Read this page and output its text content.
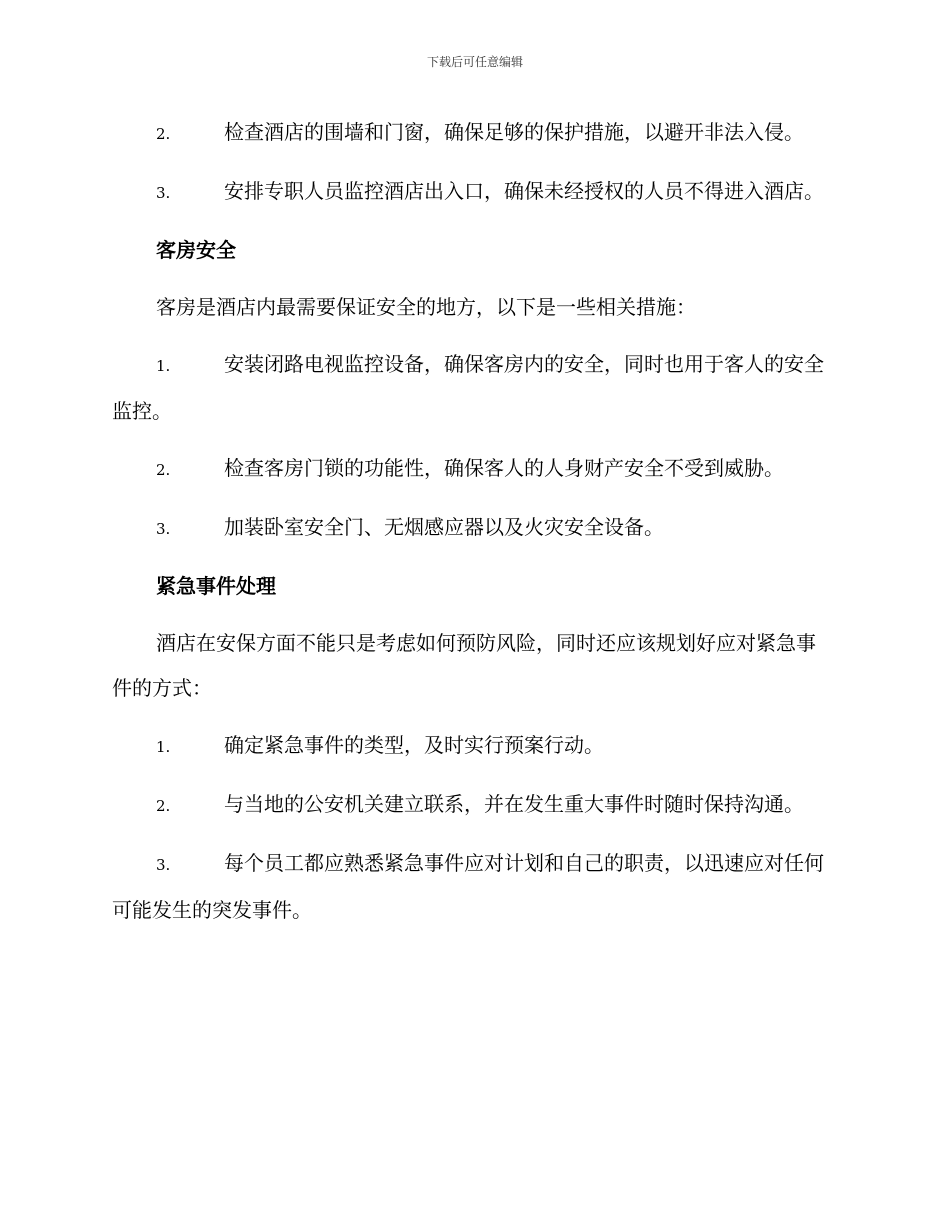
下载后可任意编辑

2.	检查酒店的围墙和门窗，确保足够的保护措施，以避开非法入侵。

3.	安排专职人员监控酒店出入口，确保未经授权的人员不得进入酒店。

客房安全

客房是酒店内最需要保证安全的地方，以下是一些相关措施：

1.	安装闭路电视监控设备，确保客房内的安全，同时也用于客人的安全监控。

2.	检查客房门锁的功能性，确保客人的人身财产安全不受到威胁。

3.	加装卧室安全门、无烟感应器以及火灾安全设备。

紧急事件处理

酒店在安保方面不能只是考虑如何预防风险，同时还应该规划好应对紧急事件的方式：

1.	确定紧急事件的类型，及时实行预案行动。

2.	与当地的公安机关建立联系，并在发生重大事件时随时保持沟通。

3.	每个员工都应熟悉紧急事件应对计划和自己的职责，以迅速应对任何可能发生的突发事件。
